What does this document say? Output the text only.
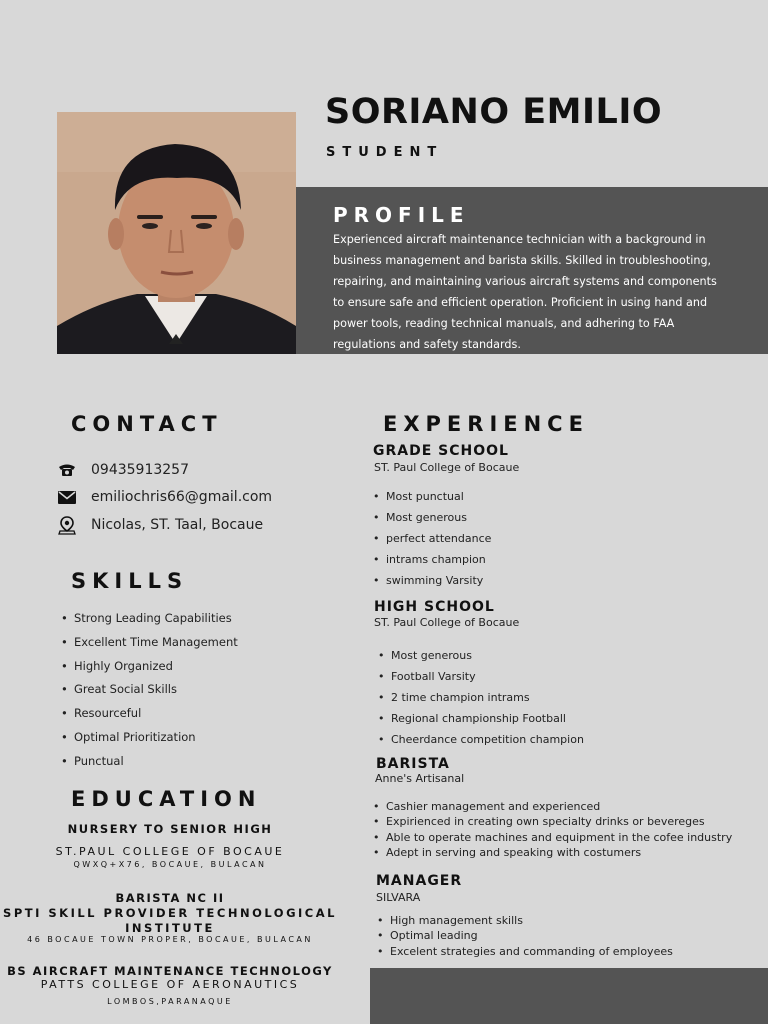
SORIANO EMILIO
STUDENT
PROFILE
Experienced aircraft maintenance technician with a background in business management and barista skills. Skilled in troubleshooting, repairing, and maintaining various aircraft systems and components to ensure safe and efficient operation. Proficient in using hand and power tools, reading technical manuals, and adhering to FAA regulations and safety standards.
CONTACT
09435913257
emiliochris66@gmail.com
Nicolas, ST. Taal, Bocaue
SKILLS
• Strong Leading Capabilities
• Excellent Time Management
• Highly Organized
• Great Social Skills
• Resourceful
• Optimal Prioritization
• Punctual
EDUCATION
NURSERY TO SENIOR HIGH
ST.PAUL COLLEGE OF BOCAUE
QWXQ+X76, BOCAUE, BULACAN
BARISTA NC II
SPTI SKILL PROVIDER TECHNOLOGICAL INSTITUTE
46 BOCAUE TOWN PROPER, BOCAUE, BULACAN
BS AIRCRAFT MAINTENANCE TECHNOLOGY
PATTS COLLEGE OF AERONAUTICS
LOMBOS,PARANAQUE
EXPERIENCE
GRADE SCHOOL
ST. Paul College of Bocaue
• Most punctual
• Most generous
• perfect attendance
• intrams champion
• swimming Varsity
HIGH SCHOOL
ST. Paul College of Bocaue
• Most generous
• Football Varsity
• 2 time champion intrams
• Regional championship Football
• Cheerdance competition champion
BARISTA
Anne's Artisanal
• Cashier management and experienced
• Expirienced in creating own specialty drinks or bevereges
• Able to operate machines and equipment in the cofee industry
• Adept in serving and speaking with costumers
MANAGER
SILVARA
• High management skills
• Optimal leading
• Excelent strategies and commanding of employees
